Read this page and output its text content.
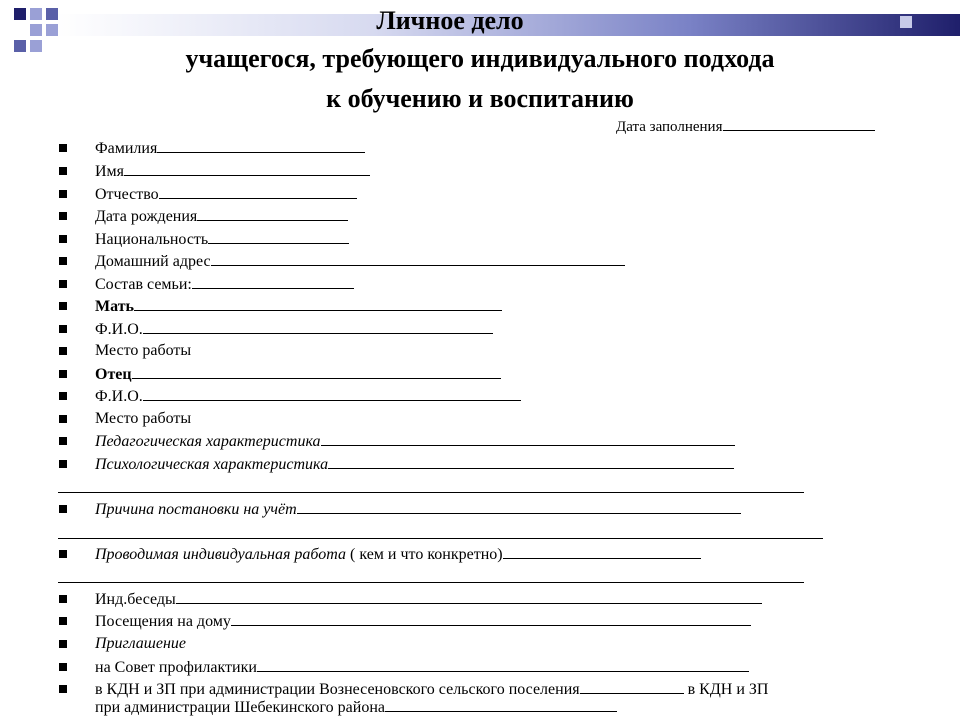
Личное дело
учащегося, требующего индивидуального подхода
к обучению и воспитанию
Дата заполнения
Фамилия
Имя
Отчество
Дата рождения
Национальность
Домашний адрес
Состав семьи:
Мать
Ф.И.О.
Место работы
Отец
Ф.И.О.
Место работы
Педагогическая характеристика
Психологическая характеристика
Причина постановки на учёт
Проводимая индивидуальная работа ( кем и что конкретно)
Инд.беседы
Посещения на дому
Приглашение
на Совет профилактики
в КДН и ЗП при администрации Вознесеновского сельского поселения	в КДН и ЗП
при администрации Шебекинского района
